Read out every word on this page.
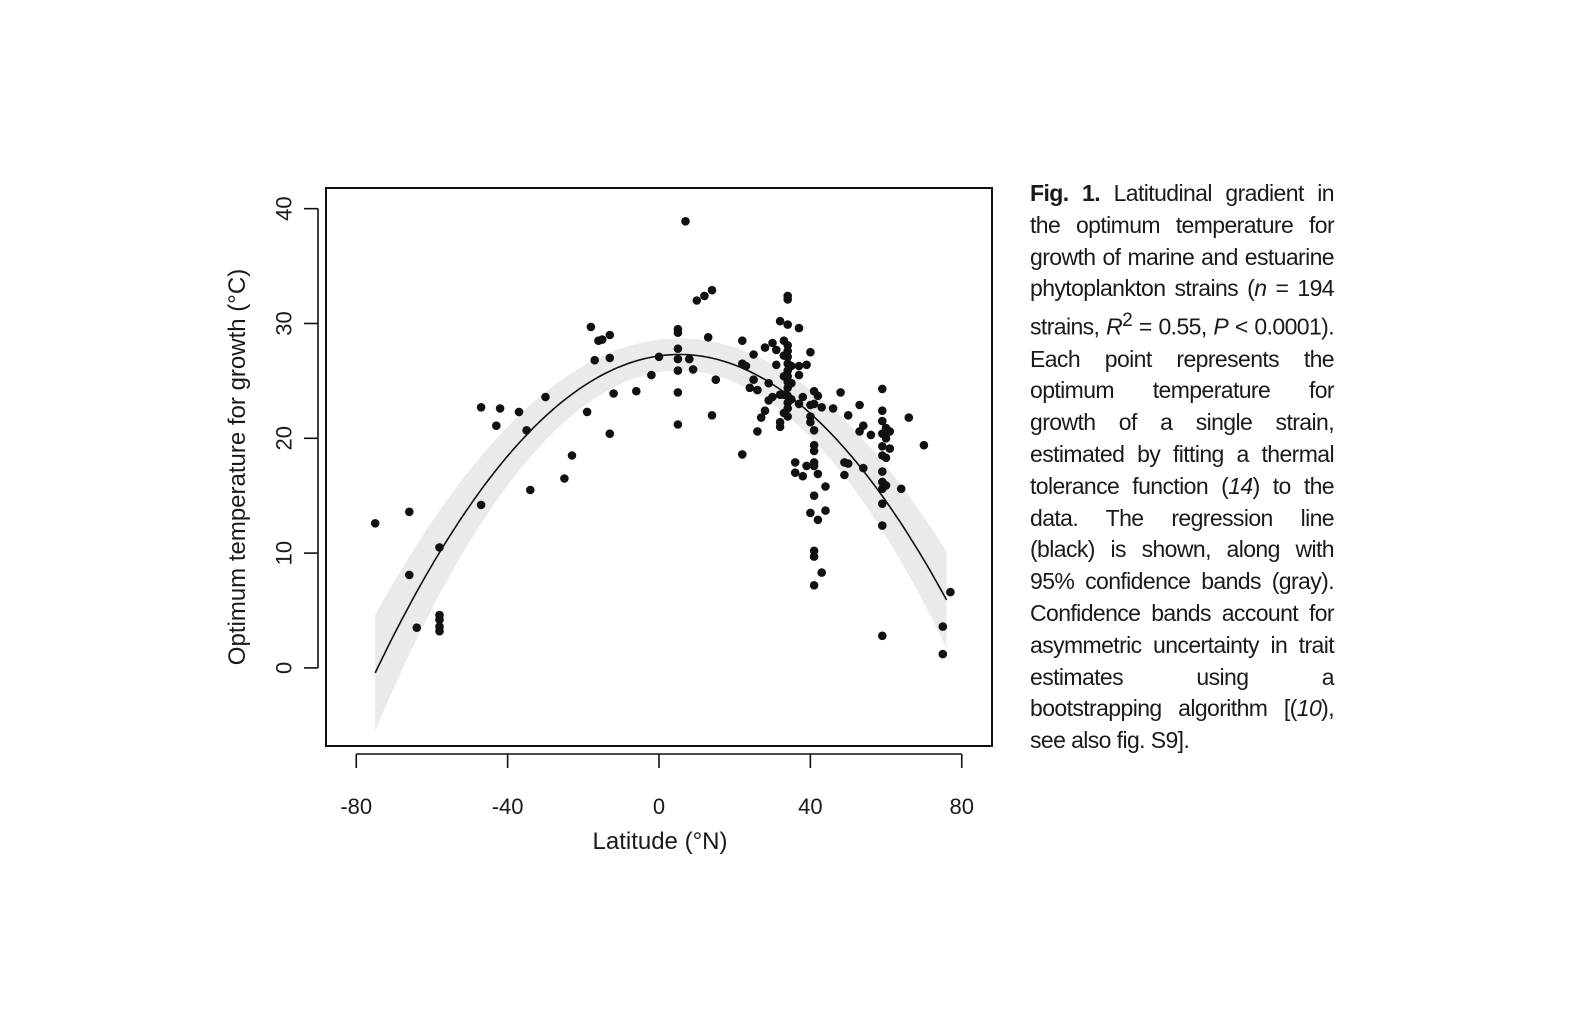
-80	-40	0	40	80
0
10
20
30
40
Latitude (°N)
Optimum temperature for growth (°C)
Fig. 1. Latitudinal gradient in the optimum temperature for growth of marine and estuarine phytoplankton strains (n = 194 strains, $R^2 = 0.55$, P < 0.0001). Each point represents the optimum temperature for growth of a single strain, estimated by fitting a thermal tolerance function (14) to the data. The regression line (black) is shown, along with 95% confidence bands (gray). Confidence bands account for asymmetric uncertainty in trait estimates using a bootstrapping algorithm [(10), see also fig. S9].
